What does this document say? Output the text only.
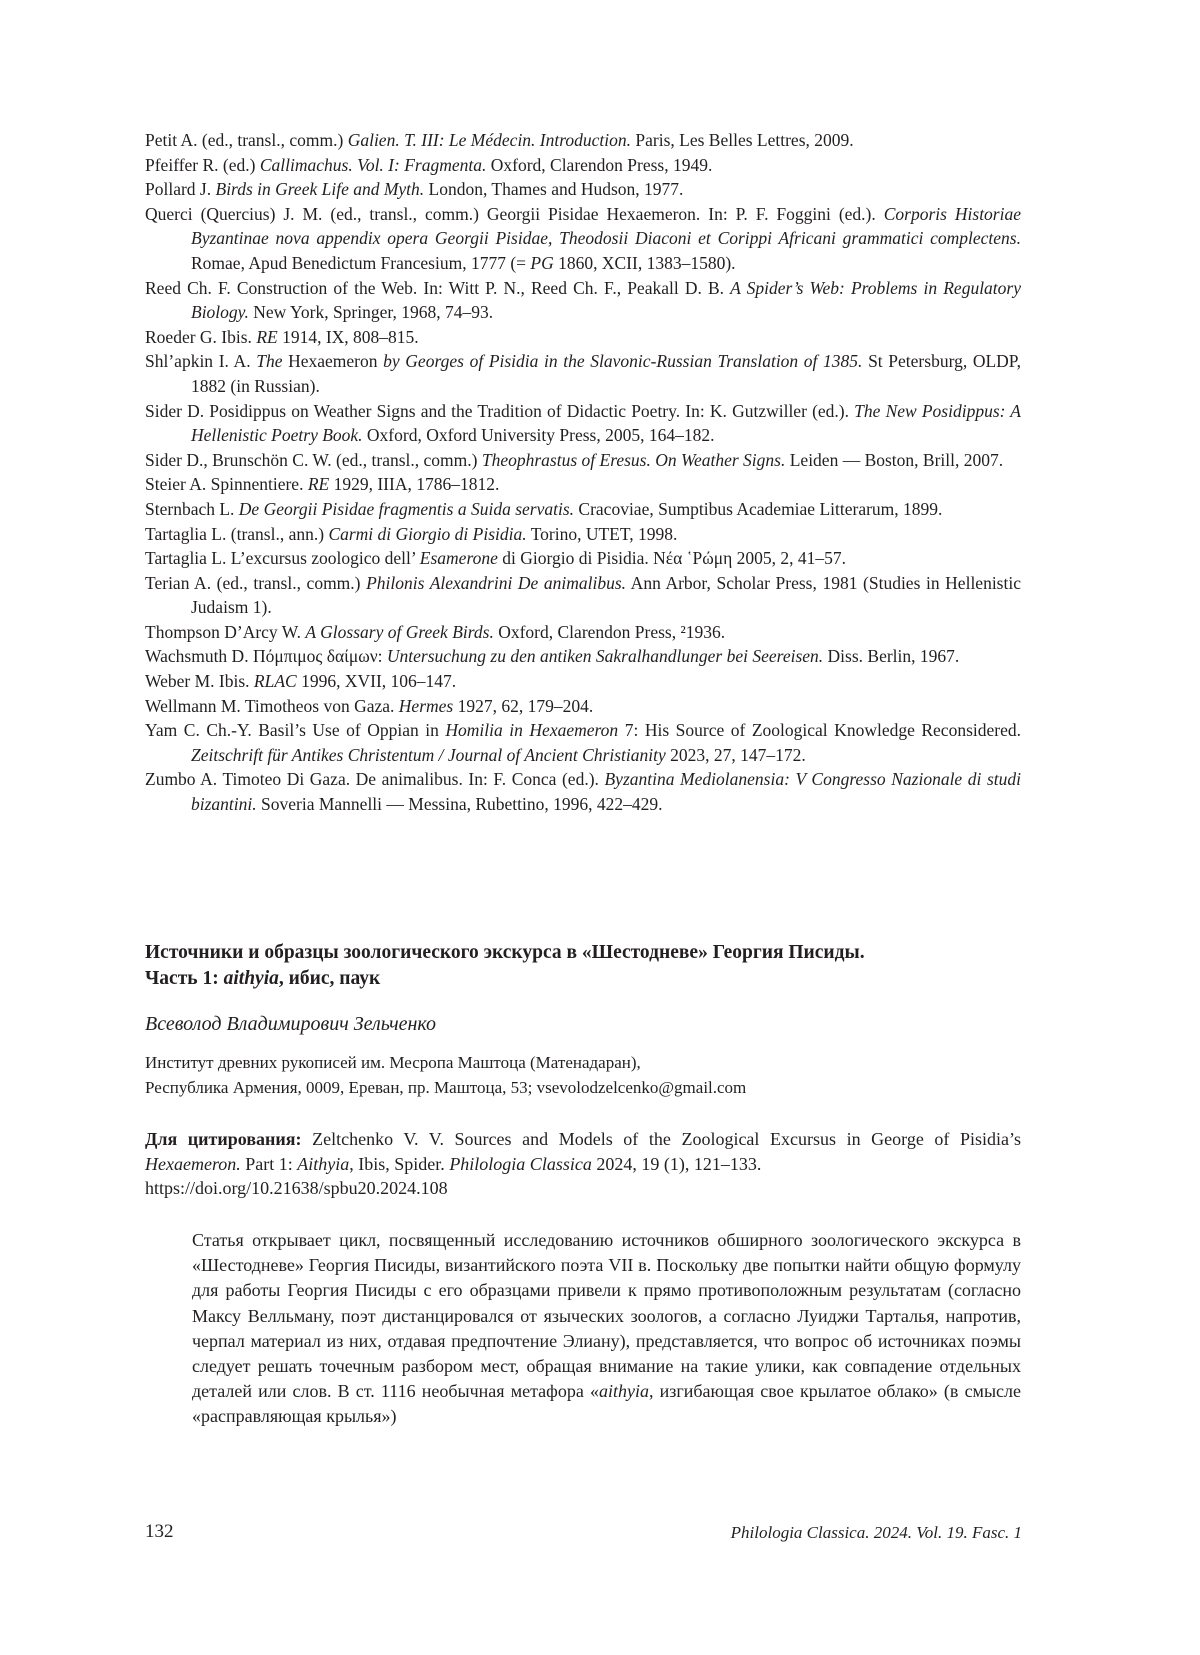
Petit A. (ed., transl., comm.) Galien. T. III: Le Médecin. Introduction. Paris, Les Belles Lettres, 2009.
Pfeiffer R. (ed.) Callimachus. Vol. I: Fragmenta. Oxford, Clarendon Press, 1949.
Pollard J. Birds in Greek Life and Myth. London, Thames and Hudson, 1977.
Querci (Quercius) J. M. (ed., transl., comm.) Georgii Pisidae Hexaemeron. In: P. F. Foggini (ed.). Corporis Historiae Byzantinae nova appendix opera Georgii Pisidae, Theodosii Diaconi et Corippi Africani grammatici complectens. Romae, Apud Benedictum Francesium, 1777 (= PG 1860, XCII, 1383–1580).
Reed Ch. F. Construction of the Web. In: Witt P. N., Reed Ch. F., Peakall D. B. A Spider’s Web: Problems in Regulatory Biology. New York, Springer, 1968, 74–93.
Roeder G. Ibis. RE 1914, IX, 808–815.
Shl’apkin I. A. The Hexaemeron by Georges of Pisidia in the Slavonic-Russian Translation of 1385. St Petersburg, OLDP, 1882 (in Russian).
Sider D. Posidippus on Weather Signs and the Tradition of Didactic Poetry. In: K. Gutzwiller (ed.). The New Posidippus: A Hellenistic Poetry Book. Oxford, Oxford University Press, 2005, 164–182.
Sider D., Brunschön C. W. (ed., transl., comm.) Theophrastus of Eresus. On Weather Signs. Leiden — Boston, Brill, 2007.
Steier A. Spinnentiere. RE 1929, IIIA, 1786–1812.
Sternbach L. De Georgii Pisidae fragmentis a Suida servatis. Cracoviae, Sumptibus Academiae Litterarum, 1899.
Tartaglia L. (transl., ann.) Carmi di Giorgio di Pisidia. Torino, UTET, 1998.
Tartaglia L. L’excursus zoologico dell’ Esamerone di Giorgio di Pisidia. Νέα ῾Ρώμη 2005, 2, 41–57.
Terian A. (ed., transl., comm.) Philonis Alexandrini De animalibus. Ann Arbor, Scholar Press, 1981 (Studies in Hellenistic Judaism 1).
Thompson D’Arcy W. A Glossary of Greek Birds. Oxford, Clarendon Press, ²1936.
Wachsmuth D. Πόμπιμος δαίμων: Untersuchung zu den antiken Sakralhandlunger bei Seereisen. Diss. Berlin, 1967.
Weber M. Ibis. RLAC 1996, XVII, 106–147.
Wellmann M. Timotheos von Gaza. Hermes 1927, 62, 179–204.
Yam C. Ch.-Y. Basil’s Use of Oppian in Homilia in Hexaemeron 7: His Source of Zoological Knowledge Reconsidered. Zeitschrift für Antikes Christentum / Journal of Ancient Christianity 2023, 27, 147–172.
Zumbo A. Timoteo Di Gaza. De animalibus. In: F. Conca (ed.). Byzantina Mediolanensia: V Congresso Nazionale di studi bizantini. Soveria Mannelli — Messina, Rubettino, 1996, 422–429.
Источники и образцы зоологического экскурса в «Шестодневе» Георгия Писиды.
Часть 1: aithyia, ибис, паук
Всеволод Владимирович Зельченко
Институт древних рукописей им. Месропа Маштоца (Матенадаран),
Республика Армения, 0009, Ереван, пр. Маштоца, 53; vsevolodzelcenko@gmail.com
Для цитирования: Zeltchenko V. V. Sources and Models of the Zoological Excursus in George of Pisidia’s Hexaemeron. Part 1: Aithyia, Ibis, Spider. Philologia Classica 2024, 19 (1), 121–133.
https://doi.org/10.21638/spbu20.2024.108
Статья открывает цикл, посвященный исследованию источников обширного зоологического экскурса в «Шестодневе» Георгия Писиды, византийского поэта VII в. Поскольку две попытки найти общую формулу для работы Георгия Писиды с его образцами привели к прямо противоположным результатам (согласно Максу Велльману, поэт дистанцировался от языческих зоологов, а согласно Луиджи Тарталья, напротив, черпал материал из них, отдавая предпочтение Элиану), представляется, что вопрос об источниках поэмы следует решать точечным разбором мест, обращая внимание на такие улики, как совпадение отдельных деталей или слов. В ст. 1116 необычная метафора «aithyia, изгибающая свое крылатое облако» (в смысле «расправляющая крылья»)
132	Philologia Classica. 2024. Vol. 19. Fasc. 1
